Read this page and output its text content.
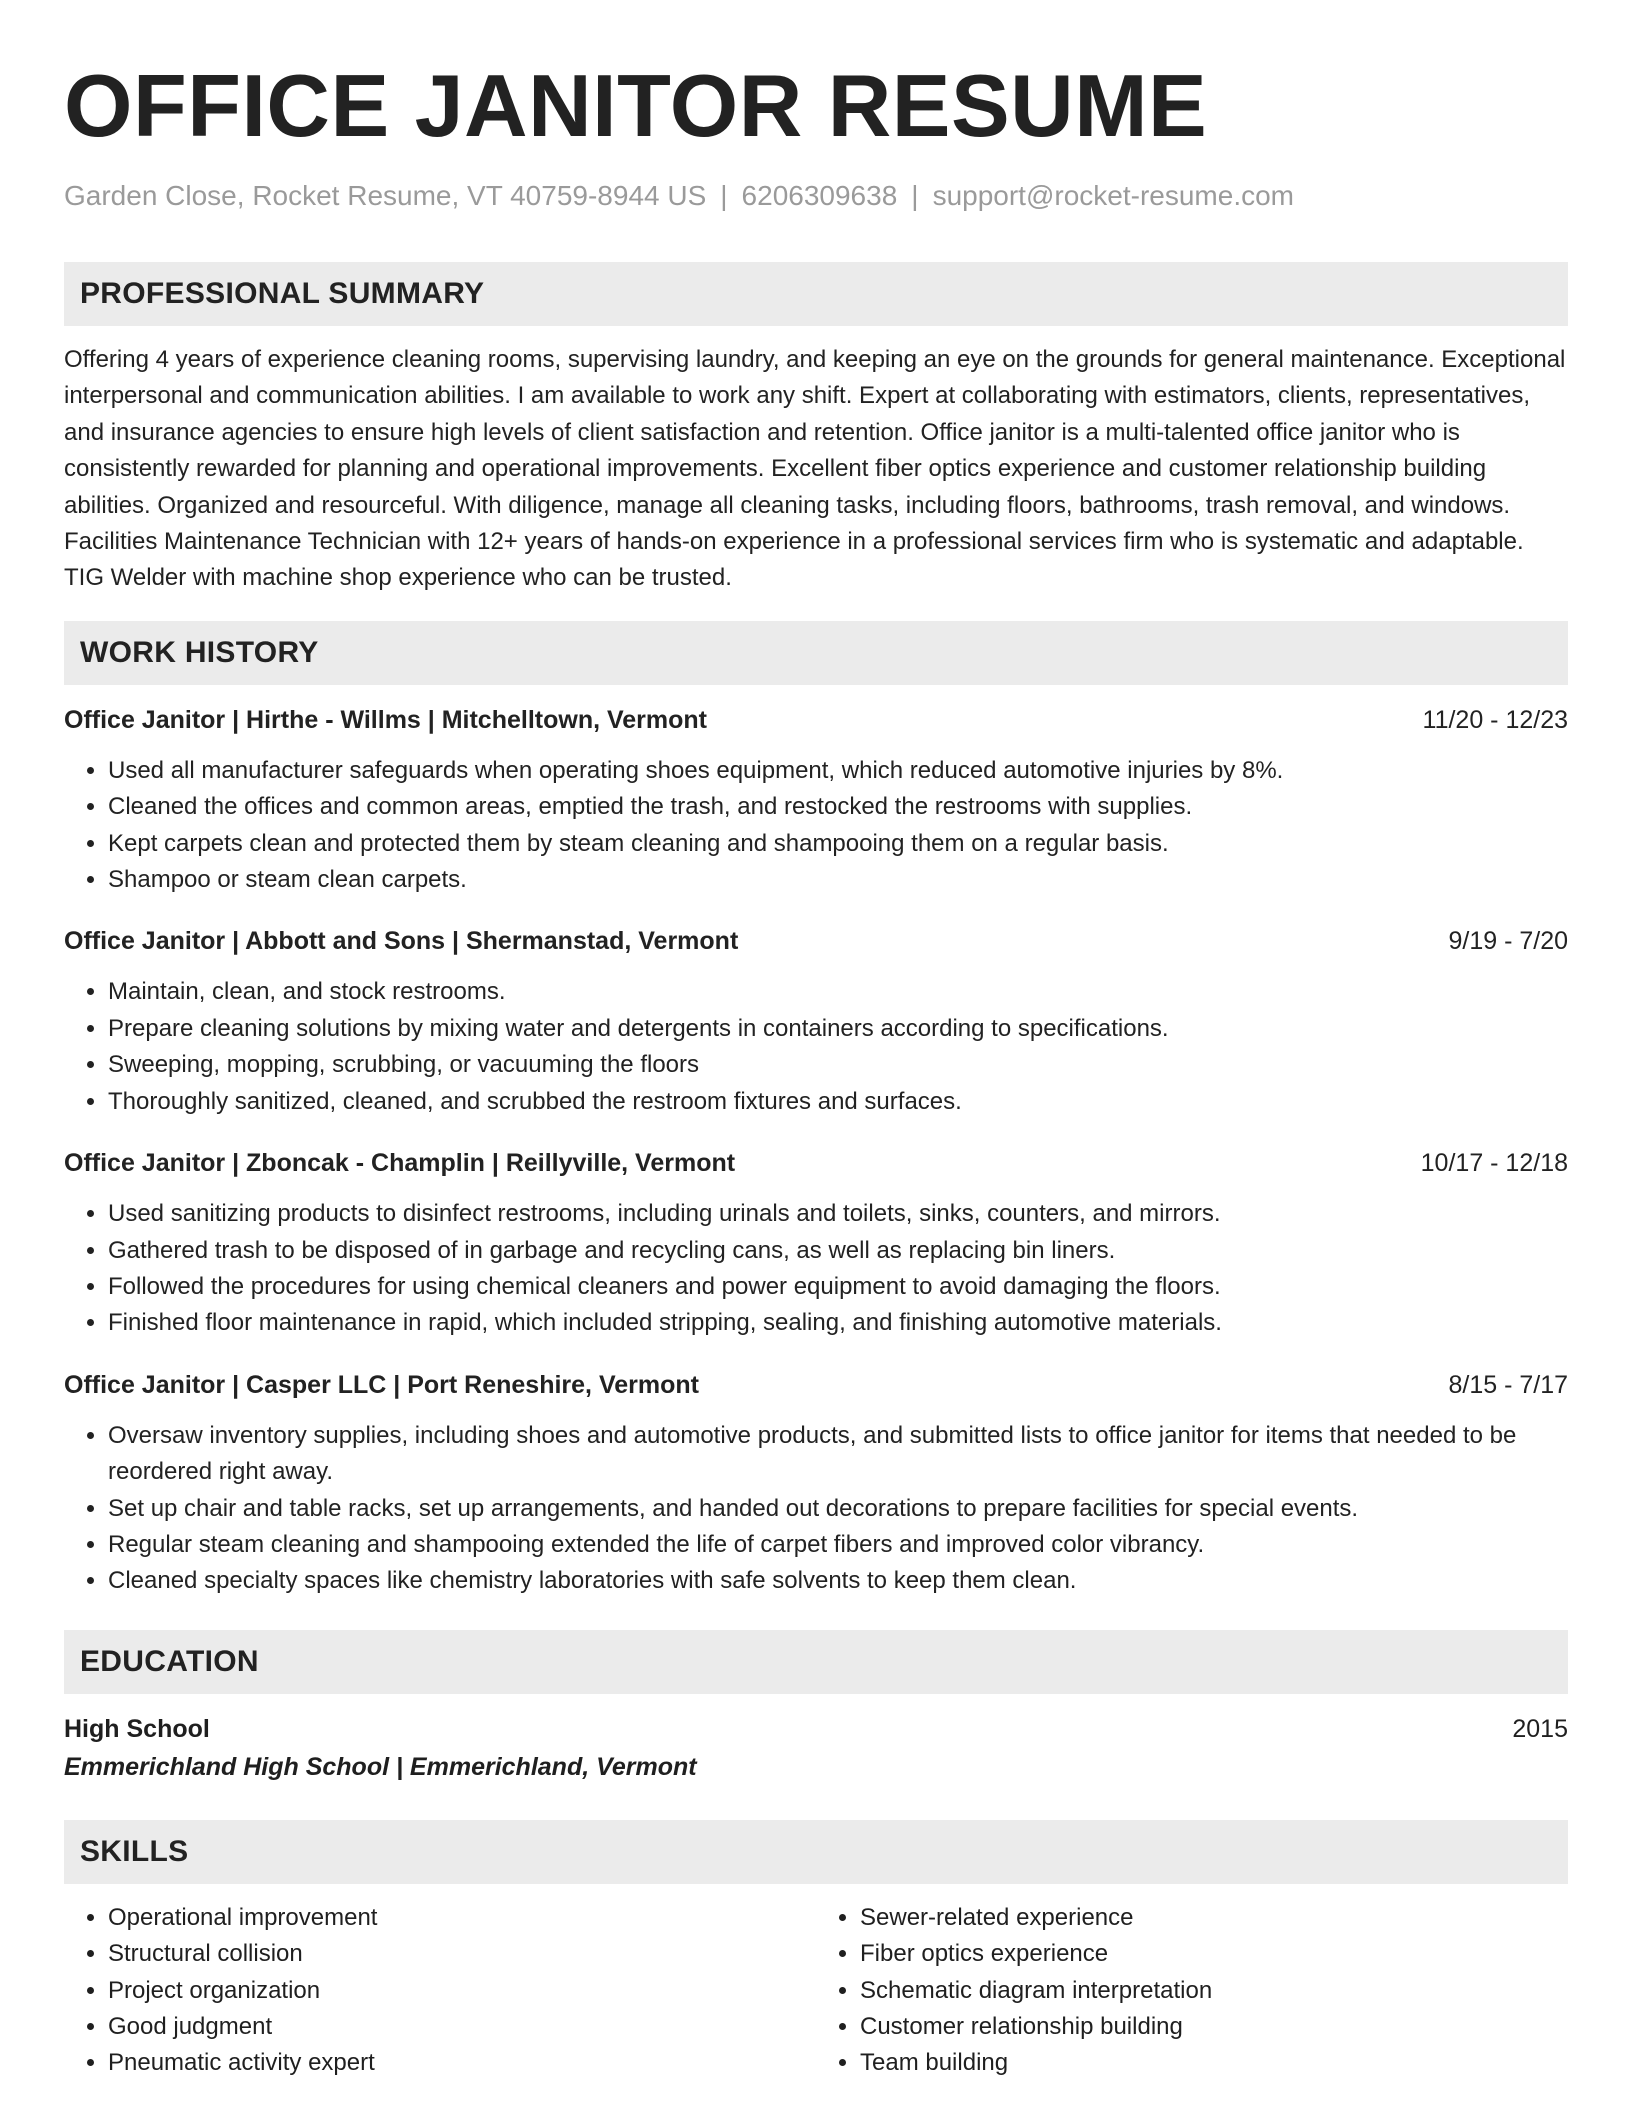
OFFICE JANITOR RESUME
Garden Close, Rocket Resume, VT 40759-8944 US | 6206309638 | support@rocket-resume.com
PROFESSIONAL SUMMARY
Offering 4 years of experience cleaning rooms, supervising laundry, and keeping an eye on the grounds for general maintenance. Exceptional interpersonal and communication abilities. I am available to work any shift. Expert at collaborating with estimators, clients, representatives, and insurance agencies to ensure high levels of client satisfaction and retention. Office janitor is a multi-talented office janitor who is consistently rewarded for planning and operational improvements. Excellent fiber optics experience and customer relationship building abilities. Organized and resourceful. With diligence, manage all cleaning tasks, including floors, bathrooms, trash removal, and windows. Facilities Maintenance Technician with 12+ years of hands-on experience in a professional services firm who is systematic and adaptable. TIG Welder with machine shop experience who can be trusted.
WORK HISTORY
Office Janitor | Hirthe - Willms | Mitchelltown, Vermont	11/20 - 12/23
• Used all manufacturer safeguards when operating shoes equipment, which reduced automotive injuries by 8%.
• Cleaned the offices and common areas, emptied the trash, and restocked the restrooms with supplies.
• Kept carpets clean and protected them by steam cleaning and shampooing them on a regular basis.
• Shampoo or steam clean carpets.
Office Janitor | Abbott and Sons | Shermanstad, Vermont	9/19 - 7/20
• Maintain, clean, and stock restrooms.
• Prepare cleaning solutions by mixing water and detergents in containers according to specifications.
• Sweeping, mopping, scrubbing, or vacuuming the floors
• Thoroughly sanitized, cleaned, and scrubbed the restroom fixtures and surfaces.
Office Janitor | Zboncak - Champlin | Reillyville, Vermont	10/17 - 12/18
• Used sanitizing products to disinfect restrooms, including urinals and toilets, sinks, counters, and mirrors.
• Gathered trash to be disposed of in garbage and recycling cans, as well as replacing bin liners.
• Followed the procedures for using chemical cleaners and power equipment to avoid damaging the floors.
• Finished floor maintenance in rapid, which included stripping, sealing, and finishing automotive materials.
Office Janitor | Casper LLC | Port Reneshire, Vermont	8/15 - 7/17
• Oversaw inventory supplies, including shoes and automotive products, and submitted lists to office janitor for items that needed to be reordered right away.
• Set up chair and table racks, set up arrangements, and handed out decorations to prepare facilities for special events.
• Regular steam cleaning and shampooing extended the life of carpet fibers and improved color vibrancy.
• Cleaned specialty spaces like chemistry laboratories with safe solvents to keep them clean.
EDUCATION
High School	2015
Emmerichland High School | Emmerichland, Vermont
SKILLS
• Operational improvement
• Structural collision
• Project organization
• Good judgment
• Pneumatic activity expert
• Sewer-related experience
• Fiber optics experience
• Schematic diagram interpretation
• Customer relationship building
• Team building
